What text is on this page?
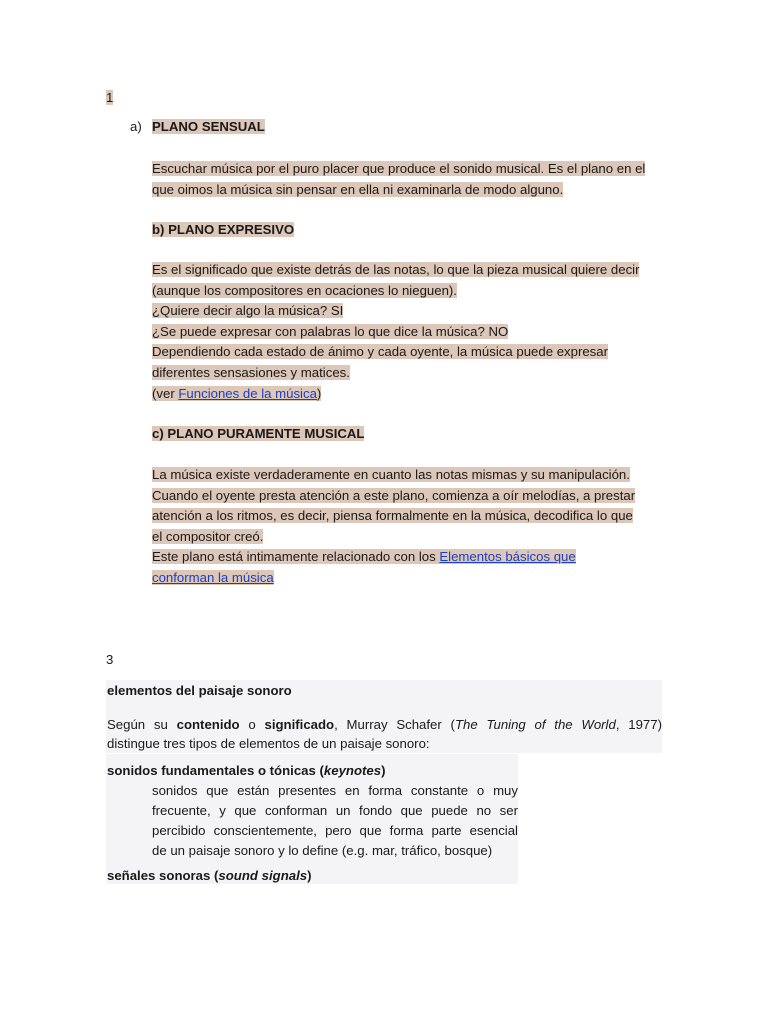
1
a) PLANO SENSUAL
Escuchar música por el puro placer que produce el sonido musical. Es el plano en el
que oimos la música sin pensar en ella ni examinarla de modo alguno.
b) PLANO EXPRESIVO
Es el significado que existe detrás de las notas, lo que la pieza musical quiere decir
(aunque los compositores en ocaciones lo nieguen).
¿Quiere decir algo la música? SI
¿Se puede expresar con palabras lo que dice la música? NO
Dependiendo cada estado de ánimo y cada oyente, la música puede expresar
diferentes sensasiones y matices.
(ver Funciones de la música)
c) PLANO PURAMENTE MUSICAL
La música existe verdaderamente en cuanto las notas mismas y su manipulación.
Cuando el oyente presta atención a este plano, comienza a oír melodías, a prestar
atención a los ritmos, es decir, piensa formalmente en la música, decodifica lo que
el compositor creó.
Este plano está intimamente relacionado con los Elementos básicos que
conforman la música
3
elementos del paisaje sonoro
Según su contenido o significado, Murray Schafer (The Tuning of the World, 1977)
distingue tres tipos de elementos de un paisaje sonoro:
sonidos fundamentales o tónicas (keynotes)
sonidos que están presentes en forma constante o muy
frecuente, y que conforman un fondo que puede no ser
percibido conscientemente, pero que forma parte esencial
de un paisaje sonoro y lo define (e.g. mar, tráfico, bosque)
señales sonoras (sound signals)
